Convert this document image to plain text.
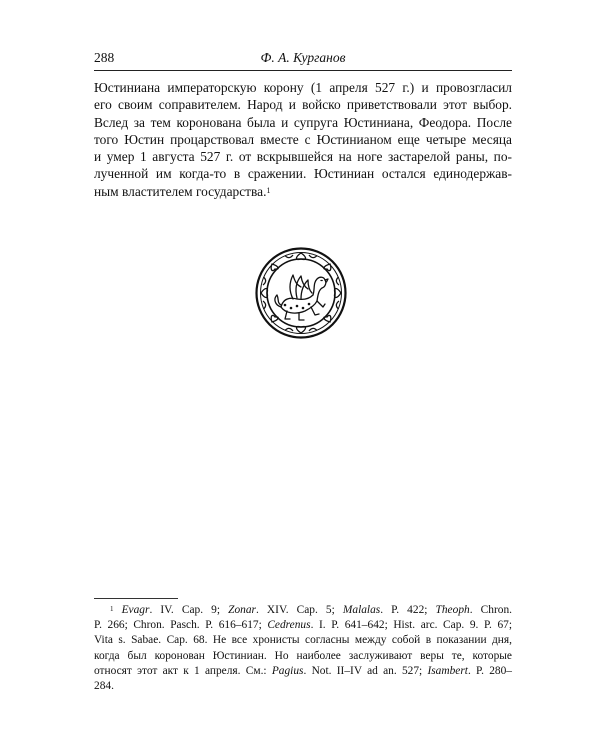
288	Ф. А. Курганов
Юстиниана императорскую корону (1 апреля 527 г.) и провозгласил
его своим соправителем. Народ и войско приветствовали этот выбор.
Вслед за тем коронована была и супруга Юстиниана, Феодора. После
того Юстин процарствовал вместе с Юстинианом еще четыре месяца
и умер 1 августа 527 г. от вскрывшейся на ноге застарелой раны, по-
лученной им когда-то в сражении. Юстиниан остался единодержав-
ным властителем государства.$^1$
$^1$ Evagr. IV. Cap. 9; Zonar. XIV. Cap. 5; Malalas. P. 422; Theoph. Chron.
P. 266; Chron. Pasch. P. 616–617; Cedrenus. I. P. 641–642; Hist. arc. Cap. 9. P. 67;
Vita s. Sabae. Cap. 68. Не все хронисты согласны между собой в показании дня,
когда был коронован Юстиниан. Но наиболее заслуживают веры те, которые
относят этот акт к 1 апреля. См.: Pagius. Not. II–IV ad an. 527; Isambert. P. 280–
284.
